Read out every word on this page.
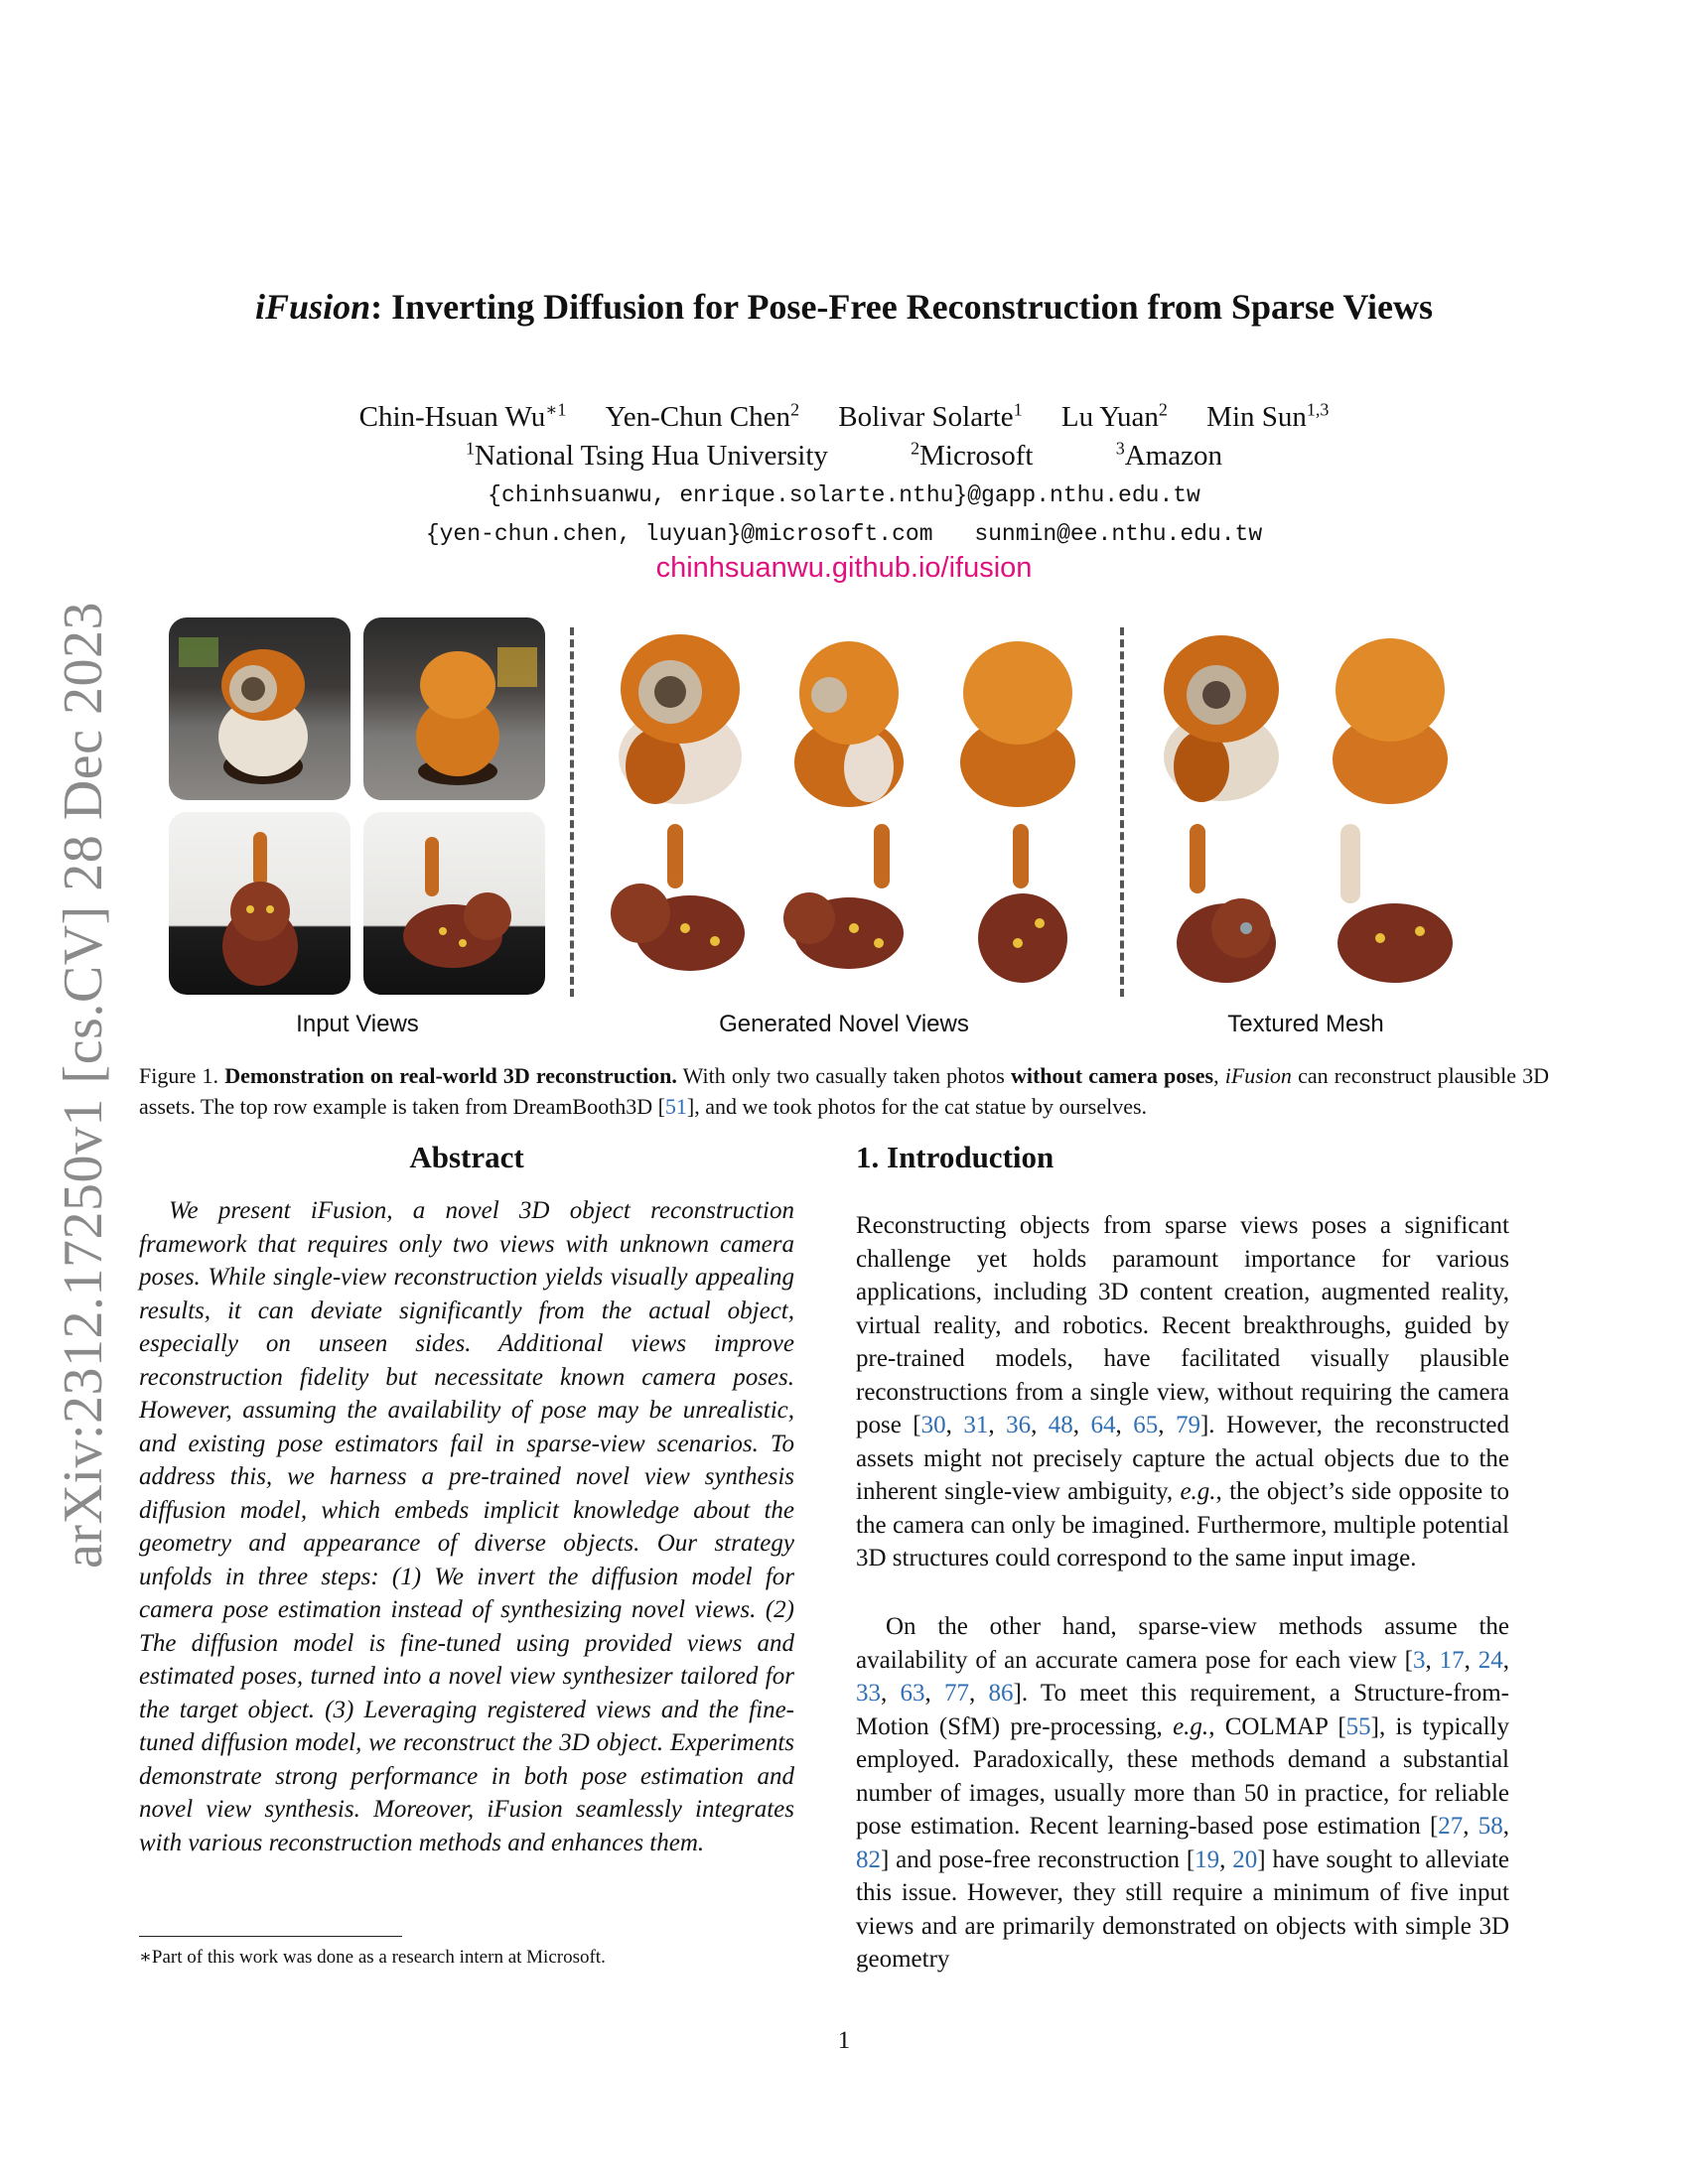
arXiv:2312.17250v1 [cs.CV] 28 Dec 2023
iFusion: Inverting Diffusion for Pose-Free Reconstruction from Sparse Views
Chin-Hsuan $Wu^{∗1}$ Yen-Chun Chen$^2$ Bolivar Solarte$^1$ Lu Yuan$^2$ Min Sun$^{1,3}$
$^1$National Tsing Hua University	$^2$Microsoft	$^3$Amazon
{chinhsuanwu, enrique.solarte.nthu}@gapp.nthu.edu.tw
{yen-chun.chen, luyuan}@microsoft.com sunmin@ee.nthu.edu.tw
chinhsuanwu.github.io/ifusion
Input Views	Generated Novel Views	Textured Mesh

Figure 1. Demonstration on real-world 3D reconstruction. With only two casually taken photos without camera poses, iFusion can reconstruct plausible 3D assets. The top row example is taken from DreamBooth3D [51], and we took photos for the cat statue by ourselves.

Abstract

We present iFusion, a novel 3D object reconstruction framework that requires only two views with unknown camera poses. While single-view reconstruction yields visually appealing results, it can deviate significantly from the actual object, especially on unseen sides. Additional views improve reconstruction fidelity but necessitate known camera poses. However, assuming the availability of pose may be unrealistic, and existing pose estimators fail in sparse-view scenarios. To address this, we harness a pre-trained novel view synthesis diffusion model, which embeds implicit knowledge about the geometry and appearance of diverse objects. Our strategy unfolds in three steps: (1) We invert the diffusion model for camera pose estimation instead of synthesizing novel views. (2) The diffusion model is fine-tuned using provided views and estimated poses, turned into a novel view synthesizer tailored for the target object. (3) Leveraging registered views and the fine-tuned diffusion model, we reconstruct the 3D object. Experiments demonstrate strong performance in both pose estimation and novel view synthesis. Moreover, iFusion seamlessly integrates with various reconstruction methods and enhances them.

1. Introduction

Reconstructing objects from sparse views poses a significant challenge yet holds paramount importance for various applications, including 3D content creation, augmented reality, virtual reality, and robotics. Recent breakthroughs, guided by pre-trained models, have facilitated visually plausible reconstructions from a single view, without requiring the camera pose [30, 31, 36, 48, 64, 65, 79]. However, the reconstructed assets might not precisely capture the actual objects due to the inherent single-view ambiguity, e.g., the object’s side opposite to the camera can only be imagined. Furthermore, multiple potential 3D structures could correspond to the same input image.

On the other hand, sparse-view methods assume the availability of an accurate camera pose for each view [3, 17, 24, 33, 63, 77, 86]. To meet this requirement, a Structure-from-Motion (SfM) pre-processing, e.g., COLMAP [55], is typically employed. Paradoxically, these methods demand a substantial number of images, usually more than 50 in practice, for reliable pose estimation. Recent learning-based pose estimation [27, 58, 82] and pose-free reconstruction [19, 20] have sought to alleviate this issue. However, they still require a minimum of five input views and are primarily demonstrated on objects with simple 3D geometry

∗Part of this work was done as a research intern at Microsoft.

1
